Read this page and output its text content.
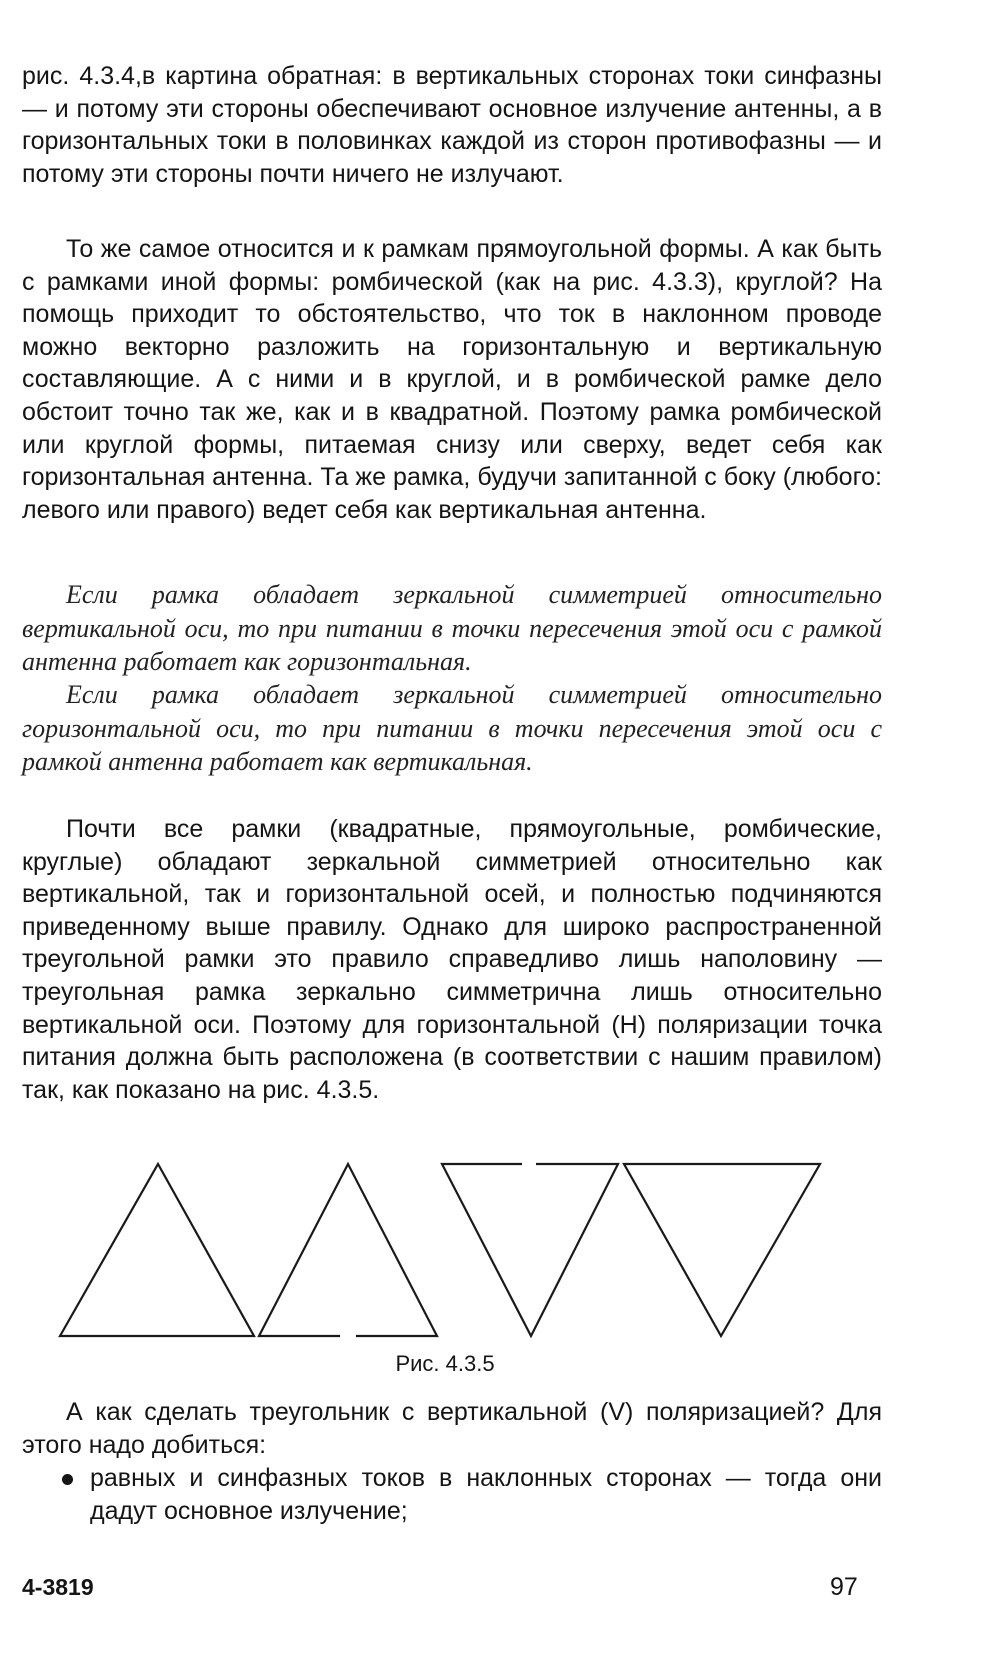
рис. 4.3.4,в картина обратная: в вертикальных сторонах токи синфазны — и потому эти стороны обеспечивают основное излучение антенны, а в горизонтальных токи в половинках каждой из сторон противофазны — и потому эти стороны почти ничего не излучают.

То же самое относится и к рамкам прямоугольной формы. А как быть с рамками иной формы: ромбической (как на рис. 4.3.3), круглой? На помощь приходит то обстоятельство, что ток в наклонном проводе можно векторно разложить на горизонтальную и вертикальную составляющие. А с ними и в круглой, и в ромбической рамке дело обстоит точно так же, как и в квадратной. Поэтому рамка ромбической или круглой формы, питаемая снизу или сверху, ведет себя как горизонтальная антенна. Та же рамка, будучи запитанной с боку (любого: левого или правого) ведет себя как вертикальная антенна.

Если рамка обладает зеркальной симметрией относительно вертикальной оси, то при питании в точки пересечения этой оси с рамкой антенна работает как горизонтальная.

Если рамка обладает зеркальной симметрией относительно горизонтальной оси, то при питании в точки пересечения этой оси с рамкой антенна работает как вертикальная.

Почти все рамки (квадратные, прямоугольные, ромбические, круглые) обладают зеркальной симметрией относительно как вертикальной, так и горизонтальной осей, и полностью подчиняются приведенному выше правилу. Однако для широко распространенной треугольной рамки это правило справедливо лишь наполовину — треугольная рамка зеркально симметрична лишь относительно вертикальной оси. Поэтому для горизонтальной (H) поляризации точка питания должна быть расположена (в соответствии с нашим правилом) так, как показано на рис. 4.3.5.

Рис. 4.3.5

А как сделать треугольник с вертикальной (V) поляризацией? Для этого надо добиться:

равных и синфазных токов в наклонных сторонах — тогда они дадут основное излучение;

4-3819	97
